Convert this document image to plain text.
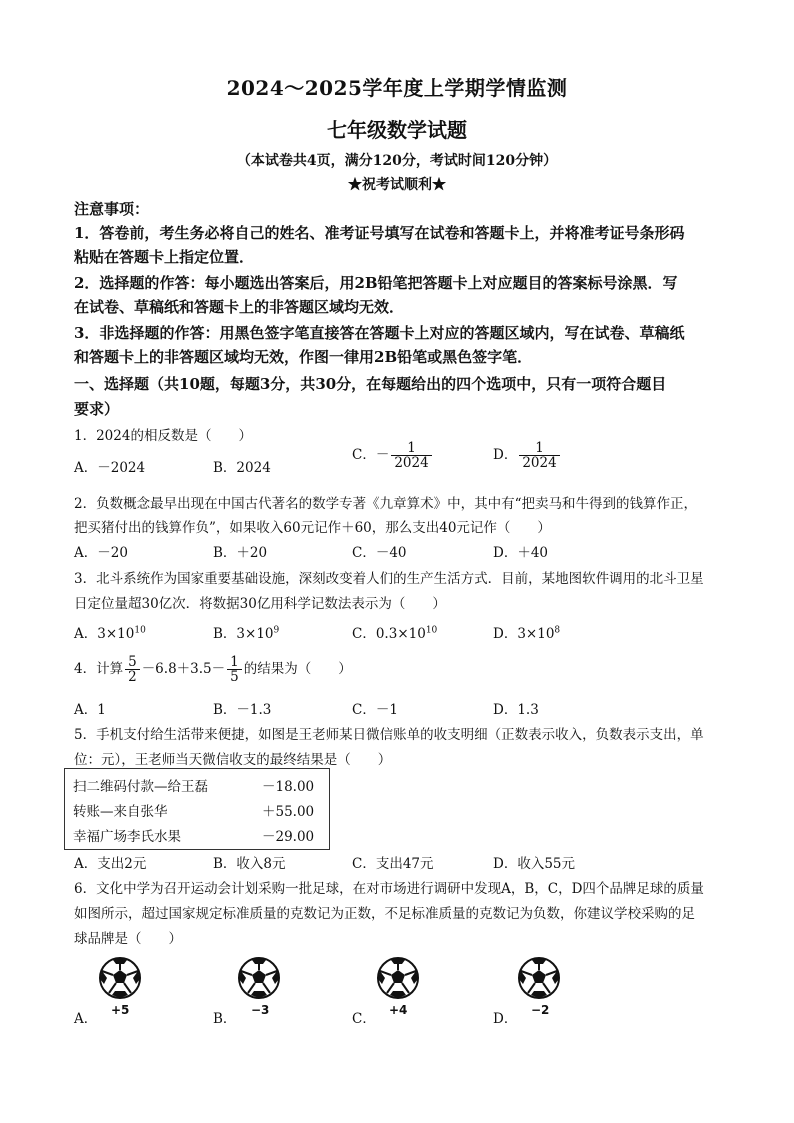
2024～2025学年度上学期学情监测
七年级数学试题
（本试卷共4页，满分120分，考试时间120分钟）
★祝考试顺利★
注意事项：
1．答卷前，考生务必将自己的姓名、准考证号填写在试卷和答题卡上，并将准考证号条形码
粘贴在答题卡上指定位置．
2．选择题的作答：每小题选出答案后，用2B铅笔把答题卡上对应题目的答案标号涂黑．写
在试卷、草稿纸和答题卡上的非答题区域均无效．
3．非选择题的作答：用黑色签字笔直接答在答题卡上对应的答题区域内，写在试卷、草稿纸
和答题卡上的非答题区域均无效，作图一律用2B铅笔或黑色签字笔．
一、选择题（共10题，每题3分，共30分，在每题给出的四个选项中，只有一项符合题目
要求）
1．2024的相反数是（　　）
A．－2024	B．2024
C．－ $\frac{1}{2024}$	D． $\frac{1}{2024}$
2．负数概念最早出现在中国古代著名的数学专著《九章算术》中，其中有“把卖马和牛得到的钱算作正，
把买猪付出的钱算作负”，如果收入60元记作＋60，那么支出40元记作（　　）
A．－20	B．＋20	C．－40	D．＋40
3．北斗系统作为国家重要基础设施，深刻改变着人们的生产生活方式．目前，某地图软件调用的北斗卫星
日定位量超30亿次．将数据30亿用科学记数法表示为（　　）
A．$3\times 10^{10}$	B．$3\times 10^9$	C．$0.3\times 10^{10}$	D．$3\times 10^8$
4．计算 $\frac{5}{2} -6.8+3.5- \frac{1}{5}$ 的结果为（　　）
A．1	B．－1.3	C．－1	D．1.3
5．手机支付给生活带来便捷，如图是王老师某日微信账单的收支明细（正数表示收入，负数表示支出，单
位：元），王老师当天微信收支的最终结果是（　　）
扫二维码付款—给王磊	－18.00
转账—来自张华	＋55.00
幸福广场李氏水果	－29.00
A．支出2元	B．收入8元	C．支出47元	D．收入55元
6．文化中学为召开运动会计划采购一批足球，在对市场进行调研中发现A，B，C，D四个品牌足球的质量
如图所示，超过国家规定标准质量的克数记为正数，不足标准质量的克数记为负数，你建议学校采购的足
球品牌是（　　）
A．	B．	C．	D．
+5	−3	+4	−2
